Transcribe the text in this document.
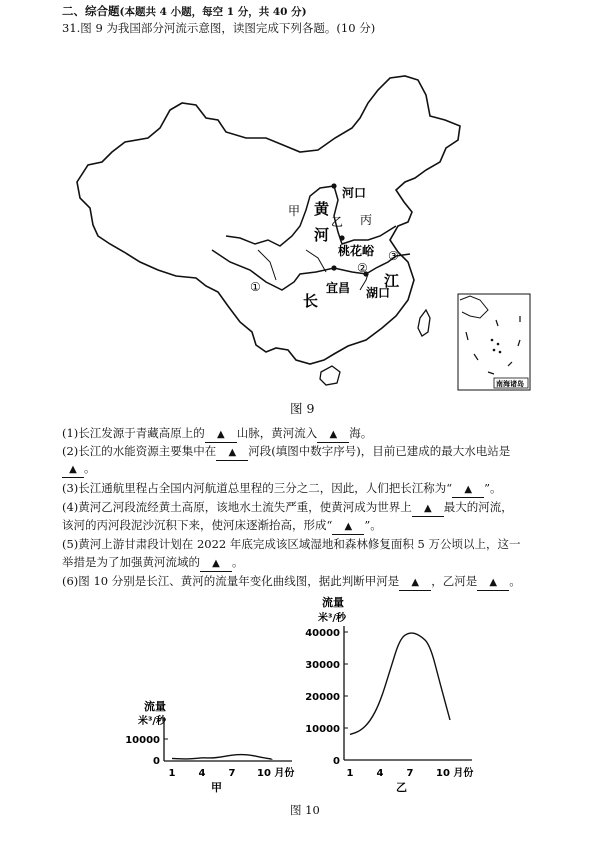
二、综合题(本题共 4 小题，每空 1 分，共 40 分)
31.图 9 为我国部分河流示意图，读图完成下列各题。(10 分)
河口
甲 黄
乙 丙
河
桃花峪 ③
②
江
①	宜昌 湖口
长
南海诸岛
图 9
(1)长江发源于青藏高原上的 ▲ 山脉，黄河流入 ▲ 海。
(2)长江的水能资源主要集中在 ▲ 河段(填图中数字序号)，目前已建成的最大水电站是
▲ 。
(3)长江通航里程占全国内河航道总里程的三分之二，因此，人们把长江称为“ ▲ ”。
(4)黄河乙河段流经黄土高原，该地水土流失严重，使黄河成为世界上 ▲ 最大的河流，
该河的丙河段泥沙沉积下来，使河床逐渐抬高，形成“ ▲ ”。
(5)黄河上游甘肃段计划在 2022 年底完成该区域湿地和森林修复面积 5 万公顷以上，这一
举措是为了加强黄河流域的 ▲ 。
(6)图 10 分别是长江、黄河的流量年变化曲线图，据此判断甲河是 ▲ ，乙河是 ▲ 。
流量
米³/秒
10000
0
1 4 7 10 月份
甲
流量
米³/秒
40000
30000
20000
10000
0
1 4 7 10 月份
乙
图 10
